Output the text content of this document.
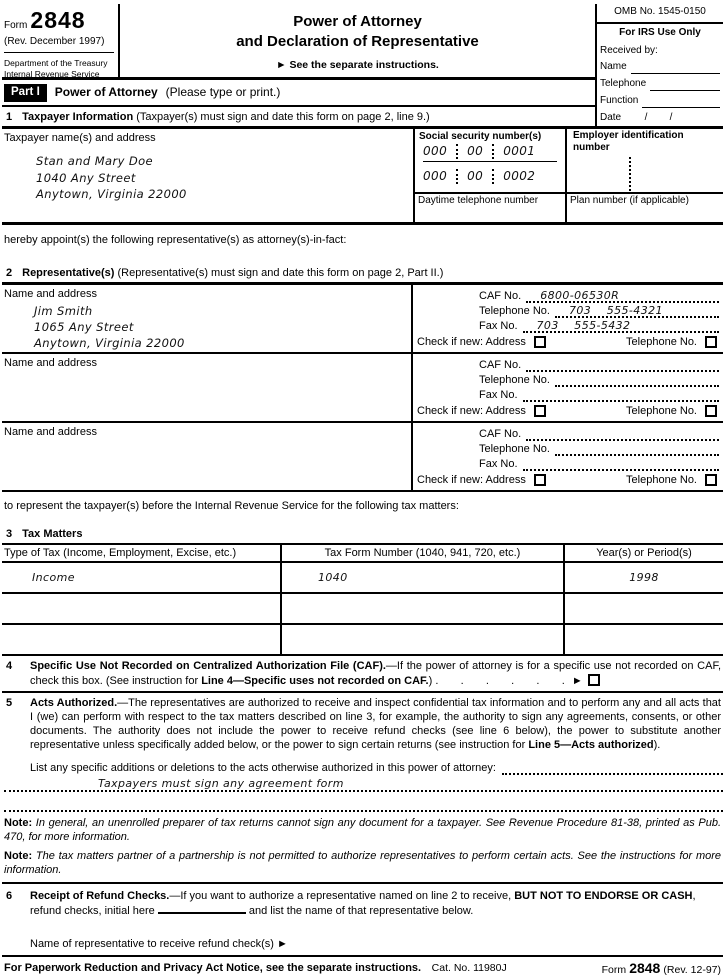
Form 2848
(Rev. December 1997)
Department of the Treasury
Internal Revenue Service
Power of Attorney
and Declaration of Representative
► See the separate instructions.
Part I	Power of Attorney (Please type or print.)
1 Taxpayer Information (Taxpayer(s) must sign and date this form on page 2, line 9.)
OMB No. 1545-0150
For IRS Use Only
Received by:
Name
Telephone
Function
Date /        /
Taxpayer name(s) and address
Stan and Mary Doe
1040 Any Street
Anytown, Virginia 22000
Social security number(s)
000 00 0001
000 00 0002
Daytime telephone number
Employer identification number
Plan number (if applicable)
hereby appoint(s) the following representative(s) as attorney(s)-in-fact:
2 Representative(s) (Representative(s) must sign and date this form on page 2, Part II.)
Name and address
Jim Smith
1065 Any Street
Anytown, Virginia 22000
CAF No.	6800-06530R
Telephone No.	703    555-4321
Fax No.	703    555-5432
Check if new: Address	Telephone No.
Name and address	CAF No.
Telephone No.
Fax No.
Check if new: Address	Telephone No.
Name and address	CAF No.
Telephone No.
Fax No.
Check if new: Address	Telephone No.
to represent the taxpayer(s) before the Internal Revenue Service for the following tax matters:
3 Tax Matters
Type of Tax (Income, Employment, Excise, etc.)	Tax Form Number (1040, 941, 720, etc.)	Year(s) or Period(s)
Income	1040	1998
4	Specific Use Not Recorded on Centralized Authorization File (CAF).—If the power of attorney is for a specific use not recorded on CAF, check this box. (See instruction for Line 4—Specific uses not recorded on CAF.) .    .    .    .    .    . ►
5	Acts Authorized.—The representatives are authorized to receive and inspect confidential tax information and to perform any and all acts that I (we) can perform with respect to the tax matters described on line 3, for example, the authority to sign any agreements, consents, or other documents. The authority does not include the power to receive refund checks (see line 6 below), the power to substitute another representative unless specifically added below, or the power to sign certain returns (see instruction for Line 5—Acts authorized).
List any specific additions or deletions to the acts otherwise authorized in this power of attorney:
Taxpayers must sign any agreement form
Note: In general, an unenrolled preparer of tax returns cannot sign any document for a taxpayer. See Revenue Procedure 81-38, printed as Pub. 470, for more information.
Note: The tax matters partner of a partnership is not permitted to authorize representatives to perform certain acts. See the instructions for more information.
6	Receipt of Refund Checks.—If you want to authorize a representative named on line 2 to receive, BUT NOT TO ENDORSE OR CASH, refund checks, initial here	and list the name of that representative below.
Name of representative to receive refund check(s) ►
For Paperwork Reduction and Privacy Act Notice, see the separate instructions.	Cat. No. 11980J	Form 2848 (Rev. 12-97)
